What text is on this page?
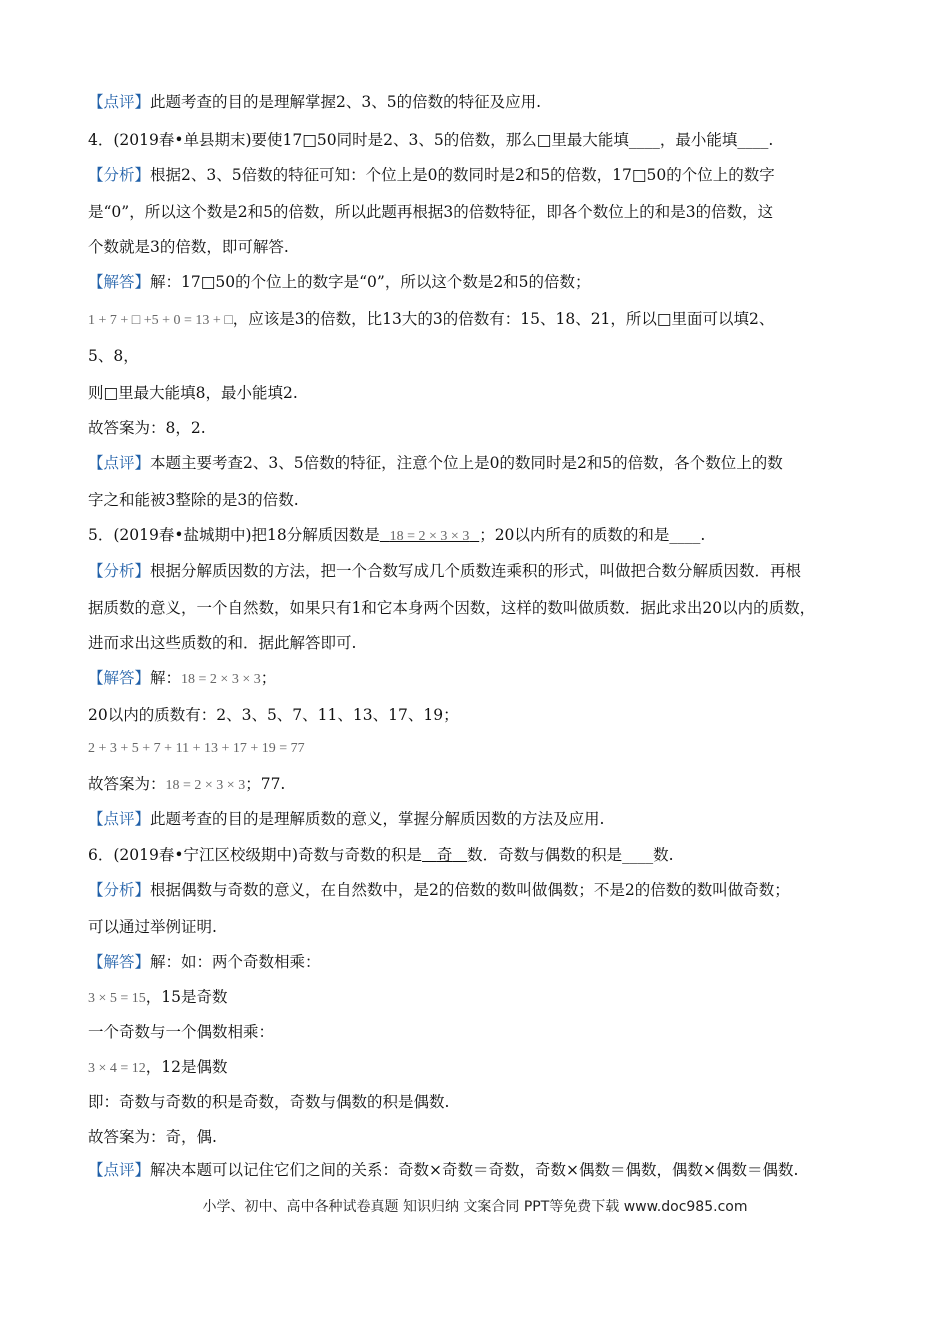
【点评】此题考查的目的是理解掌握2、3、5的倍数的特征及应用.
4．(2019春•单县期末)要使17□50同时是2、3、5的倍数，那么□里最大能填____，最小能填____.
【分析】根据2、3、5倍数的特征可知：个位上是0的数同时是2和5的倍数，17□50的个位上的数字
是“0”，所以这个数是2和5的倍数，所以此题再根据3的倍数特征，即各个数位上的和是3的倍数，这
个数就是3的倍数，即可解答.
【解答】解：17□50的个位上的数字是“0”，所以这个数是2和5的倍数；
1 + 7 + □ +5 + 0 = 13 + □，应该是3的倍数，比13大的3的倍数有：15、18、21，所以□里面可以填2、
5、8，
则□里最大能填8，最小能填2.
故答案为：8，2.
【点评】本题主要考查2、3、5倍数的特征，注意个位上是0的数同时是2和5的倍数，各个数位上的数
字之和能被3整除的是3的倍数.
5．(2019春•盐城期中)把18分解质因数是 18 = 2 × 3 × 3 ；20以内所有的质数的和是____.
【分析】根据分解质因数的方法，把一个合数写成几个质数连乘积的形式，叫做把合数分解质因数．再根
据质数的意义，一个自然数，如果只有1和它本身两个因数，这样的数叫做质数．据此求出20以内的质数，
进而求出这些质数的和．据此解答即可.
【解答】解：18 = 2 × 3 × 3；
20以内的质数有：2、3、5、7、11、13、17、19；
2 + 3 + 5 + 7 + 11 + 13 + 17 + 19 = 77
故答案为：18 = 2 × 3 × 3；77.
【点评】此题考查的目的是理解质数的意义，掌握分解质因数的方法及应用.
6．(2019春•宁江区校级期中)奇数与奇数的积是 奇 数．奇数与偶数的积是____数.
【分析】根据偶数与奇数的意义，在自然数中，是2的倍数的数叫做偶数；不是2的倍数的数叫做奇数；
可以通过举例证明.
【解答】解：如：两个奇数相乘：
3 × 5 = 15，15是奇数
一个奇数与一个偶数相乘：
3 × 4 = 12，12是偶数
即：奇数与奇数的积是奇数，奇数与偶数的积是偶数.
故答案为：奇，偶.
【点评】解决本题可以记住它们之间的关系：奇数×奇数＝奇数，奇数×偶数＝偶数，偶数×偶数＝偶数.
小学、初中、高中各种试卷真题 知识归纳 文案合同 PPT等免费下载 www.doc985.com
